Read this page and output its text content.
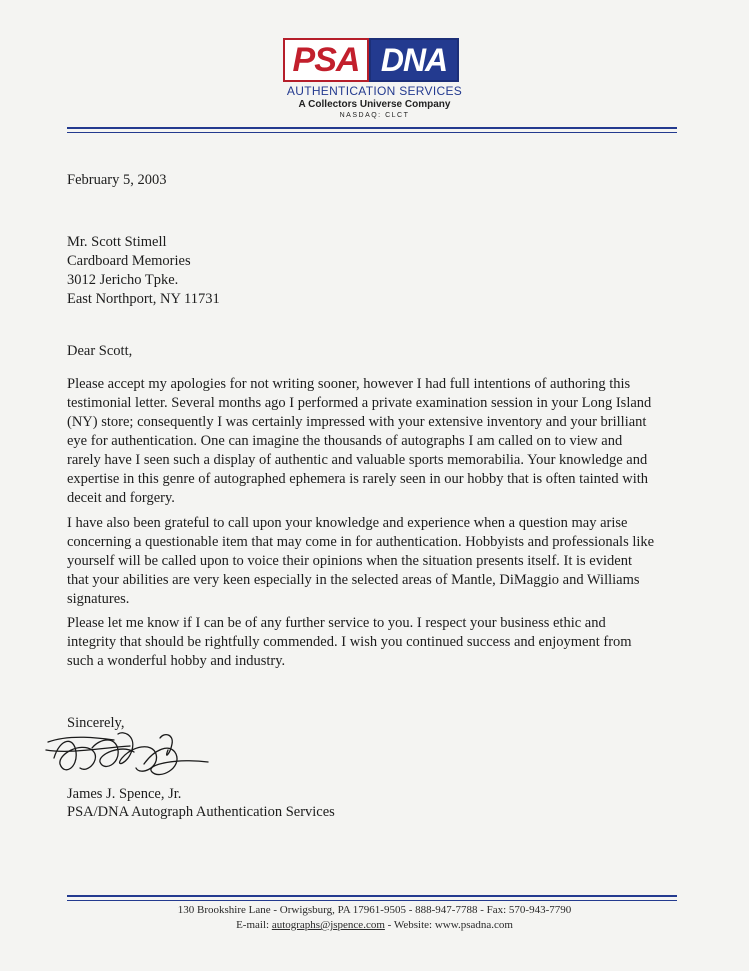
PSA DNA
AUTHENTICATION SERVICES
A Collectors Universe Company
NASDAQ: CLCT
February 5, 2003
Mr. Scott Stimell
Cardboard Memories
3012 Jericho Tpke.
East Northport, NY 11731
Dear Scott,
Please accept my apologies for not writing sooner, however I had full intentions of authoring this
testimonial letter. Several months ago I performed a private examination session in your Long Island
(NY) store; consequently I was certainly impressed with your extensive inventory and your brilliant
eye for authentication. One can imagine the thousands of autographs I am called on to view and
rarely have I seen such a display of authentic and valuable sports memorabilia. Your knowledge and
expertise in this genre of autographed ephemera is rarely seen in our hobby that is often tainted with
deceit and forgery.
I have also been grateful to call upon your knowledge and experience when a question may arise
concerning a questionable item that may come in for authentication. Hobbyists and professionals like
yourself will be called upon to voice their opinions when the situation presents itself. It is evident
that your abilities are very keen especially in the selected areas of Mantle, DiMaggio and Williams
signatures.
Please let me know if I can be of any further service to you. I respect your business ethic and
integrity that should be rightfully commended. I wish you continued success and enjoyment from
such a wonderful hobby and industry.
Sincerely,
James J. Spence, Jr.
PSA/DNA Autograph Authentication Services
130 Brookshire Lane - Orwigsburg, PA 17961-9505 - 888-947-7788 - Fax: 570-943-7790
E-mail: autographs@jspence.com - Website: www.psadna.com
